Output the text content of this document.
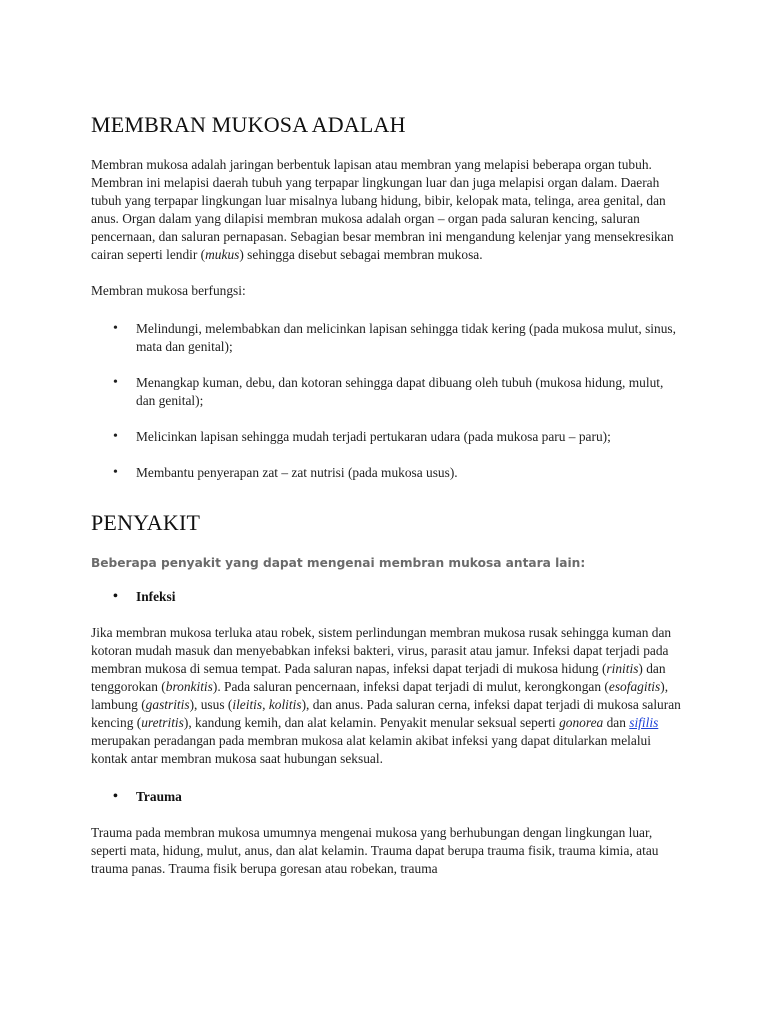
MEMBRAN MUKOSA ADALAH

Membran mukosa adalah jaringan berbentuk lapisan atau membran yang melapisi beberapa organ tubuh. Membran ini melapisi daerah tubuh yang terpapar lingkungan luar dan juga melapisi organ dalam. Daerah tubuh yang terpapar lingkungan luar misalnya lubang hidung, bibir, kelopak mata, telinga, area genital, dan anus. Organ dalam yang dilapisi membran mukosa adalah organ – organ pada saluran kencing, saluran pencernaan, dan saluran pernapasan. Sebagian besar membran ini mengandung kelenjar yang mensekresikan cairan seperti lendir (mukus) sehingga disebut sebagai membran mukosa.

Membran mukosa berfungsi:

• Melindungi, melembabkan dan melicinkan lapisan sehingga tidak kering (pada mukosa mulut, sinus, mata dan genital);
• Menangkap kuman, debu, dan kotoran sehingga dapat dibuang oleh tubuh (mukosa hidung, mulut, dan genital);
• Melicinkan lapisan sehingga mudah terjadi pertukaran udara (pada mukosa paru – paru);
• Membantu penyerapan zat – zat nutrisi (pada mukosa usus).
PENYAKIT
Beberapa penyakit yang dapat mengenai membran mukosa antara lain:
• Infeksi

Jika membran mukosa terluka atau robek, sistem perlindungan membran mukosa rusak sehingga kuman dan kotoran mudah masuk dan menyebabkan infeksi bakteri, virus, parasit atau jamur. Infeksi dapat terjadi pada membran mukosa di semua tempat. Pada saluran napas, infeksi dapat terjadi di mukosa hidung (rinitis) dan tenggorokan (bronkitis). Pada saluran pencernaan, infeksi dapat terjadi di mulut, kerongkongan (esofagitis), lambung (gastritis), usus (ileitis, kolitis), dan anus. Pada saluran cerna, infeksi dapat terjadi di mukosa saluran kencing (uretritis), kandung kemih, dan alat kelamin. Penyakit menular seksual seperti gonorea dan sifilis merupakan peradangan pada membran mukosa alat kelamin akibat infeksi yang dapat ditularkan melalui kontak antar membran mukosa saat hubungan seksual.

• Trauma

Trauma pada membran mukosa umumnya mengenai mukosa yang berhubungan dengan lingkungan luar, seperti mata, hidung, mulut, anus, dan alat kelamin. Trauma dapat berupa trauma fisik, trauma kimia, atau trauma panas. Trauma fisik berupa goresan atau robekan, trauma
